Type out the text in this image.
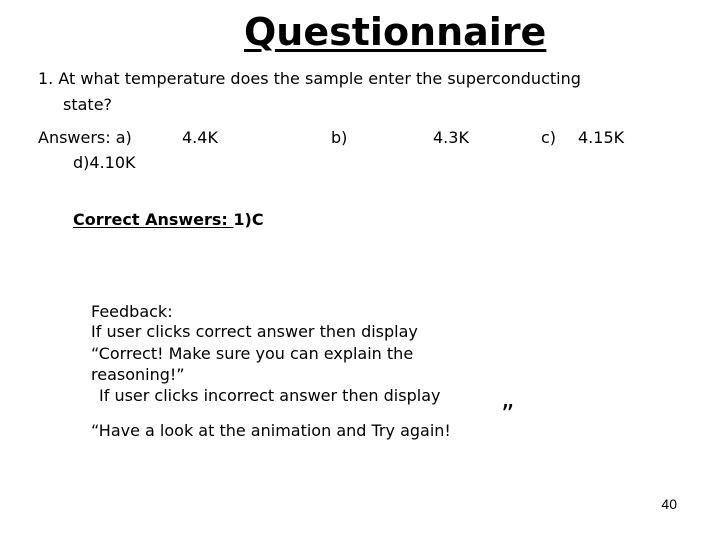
Questionnaire
1. At what temperature does the sample enter the superconducting
state?
Answers: a)	4.4K	b)	4.3K	c) 4.15K
d)4.10K
Correct Answers: 1)C
Feedback:
If user clicks correct answer then display
“Correct! Make sure you can explain the
reasoning!”
If user clicks incorrect answer then display
“Have a look at the animation and Try again!
”
40
